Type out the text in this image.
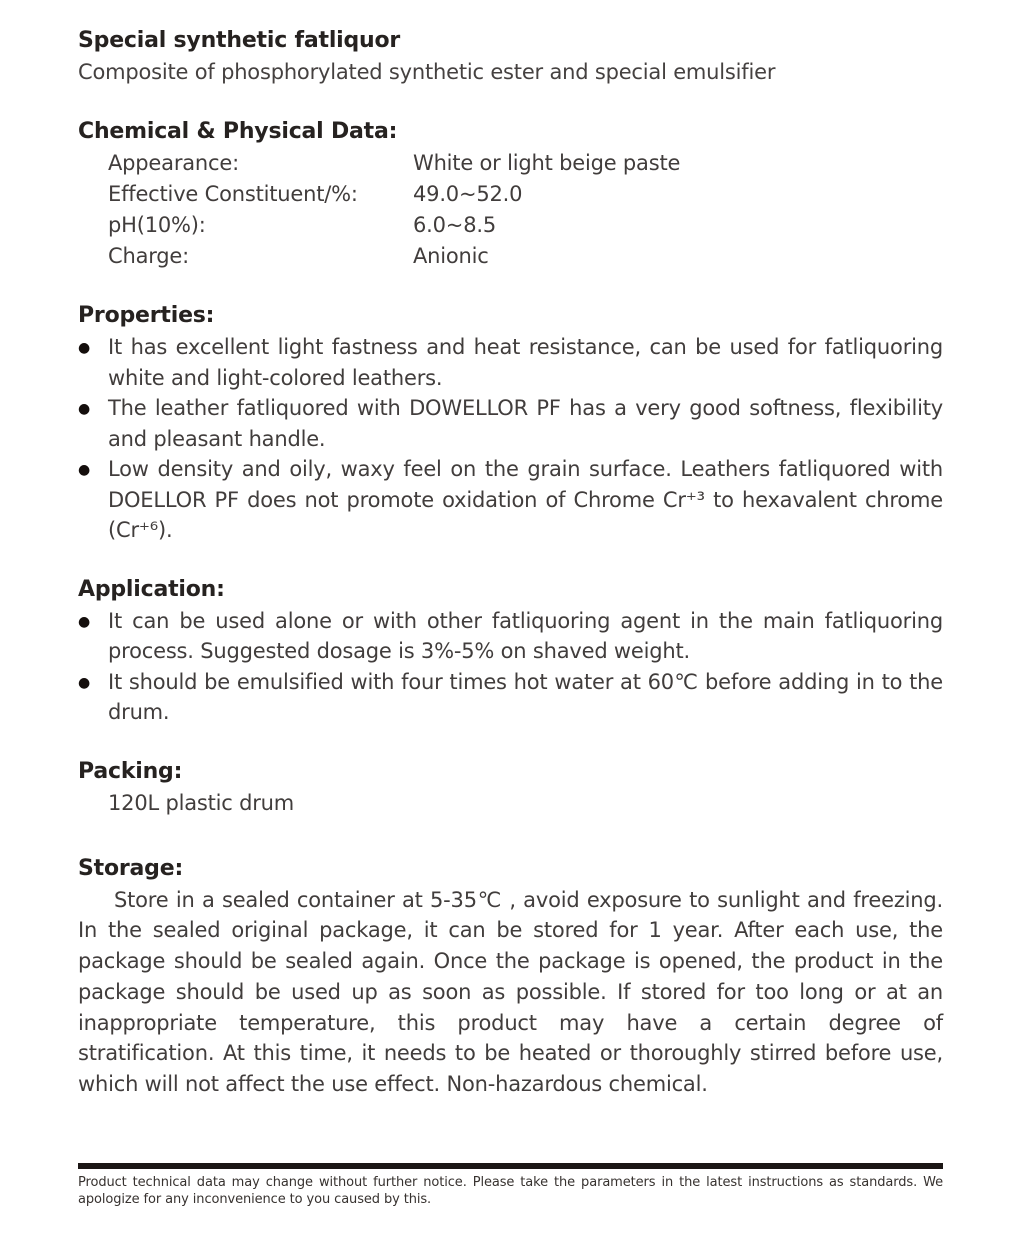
Special synthetic fatliquor

Composite of phosphorylated synthetic ester and special emulsifier

Chemical & Physical Data:
Appearance:	White or light beige paste
Effective Constituent/%:	49.0~52.0
pH(10%):	6.0~8.5
Charge:	Anionic
Properties:
● It has excellent light fastness and heat resistance, can be used for fatliquoring white and light-colored leathers.

● The leather fatliquored with DOWELLOR PF has a very good softness, flexibility and pleasant handle.

● Low density and oily, waxy feel on the grain surface. Leathers fatliquored with DOELLOR PF does not promote oxidation of Chrome Cr⁺³ to hexavalent chrome (Cr⁺⁶).

Application:
● It can be used alone or with other fatliquoring agent in the main fatliquoring process. Suggested dosage is 3%-5% on shaved weight.

● It should be emulsified with four times hot water at 60℃ before adding in to the drum.

Packing:

120L plastic drum

Storage:

Store in a sealed container at 5-35℃ , avoid exposure to sunlight and freezing. In the sealed original package, it can be stored for 1 year. After each use, the package should be sealed again. Once the package is opened, the product in the package should be used up as soon as possible. If stored for too long or at an inappropriate temperature, this product may have a certain degree of stratification. At this time, it needs to be heated or thoroughly stirred before use, which will not affect the use effect. Non-hazardous chemical.

Product technical data may change without further notice. Please take the parameters in the latest instructions as standards. We apologize for any inconvenience to you caused by this.
